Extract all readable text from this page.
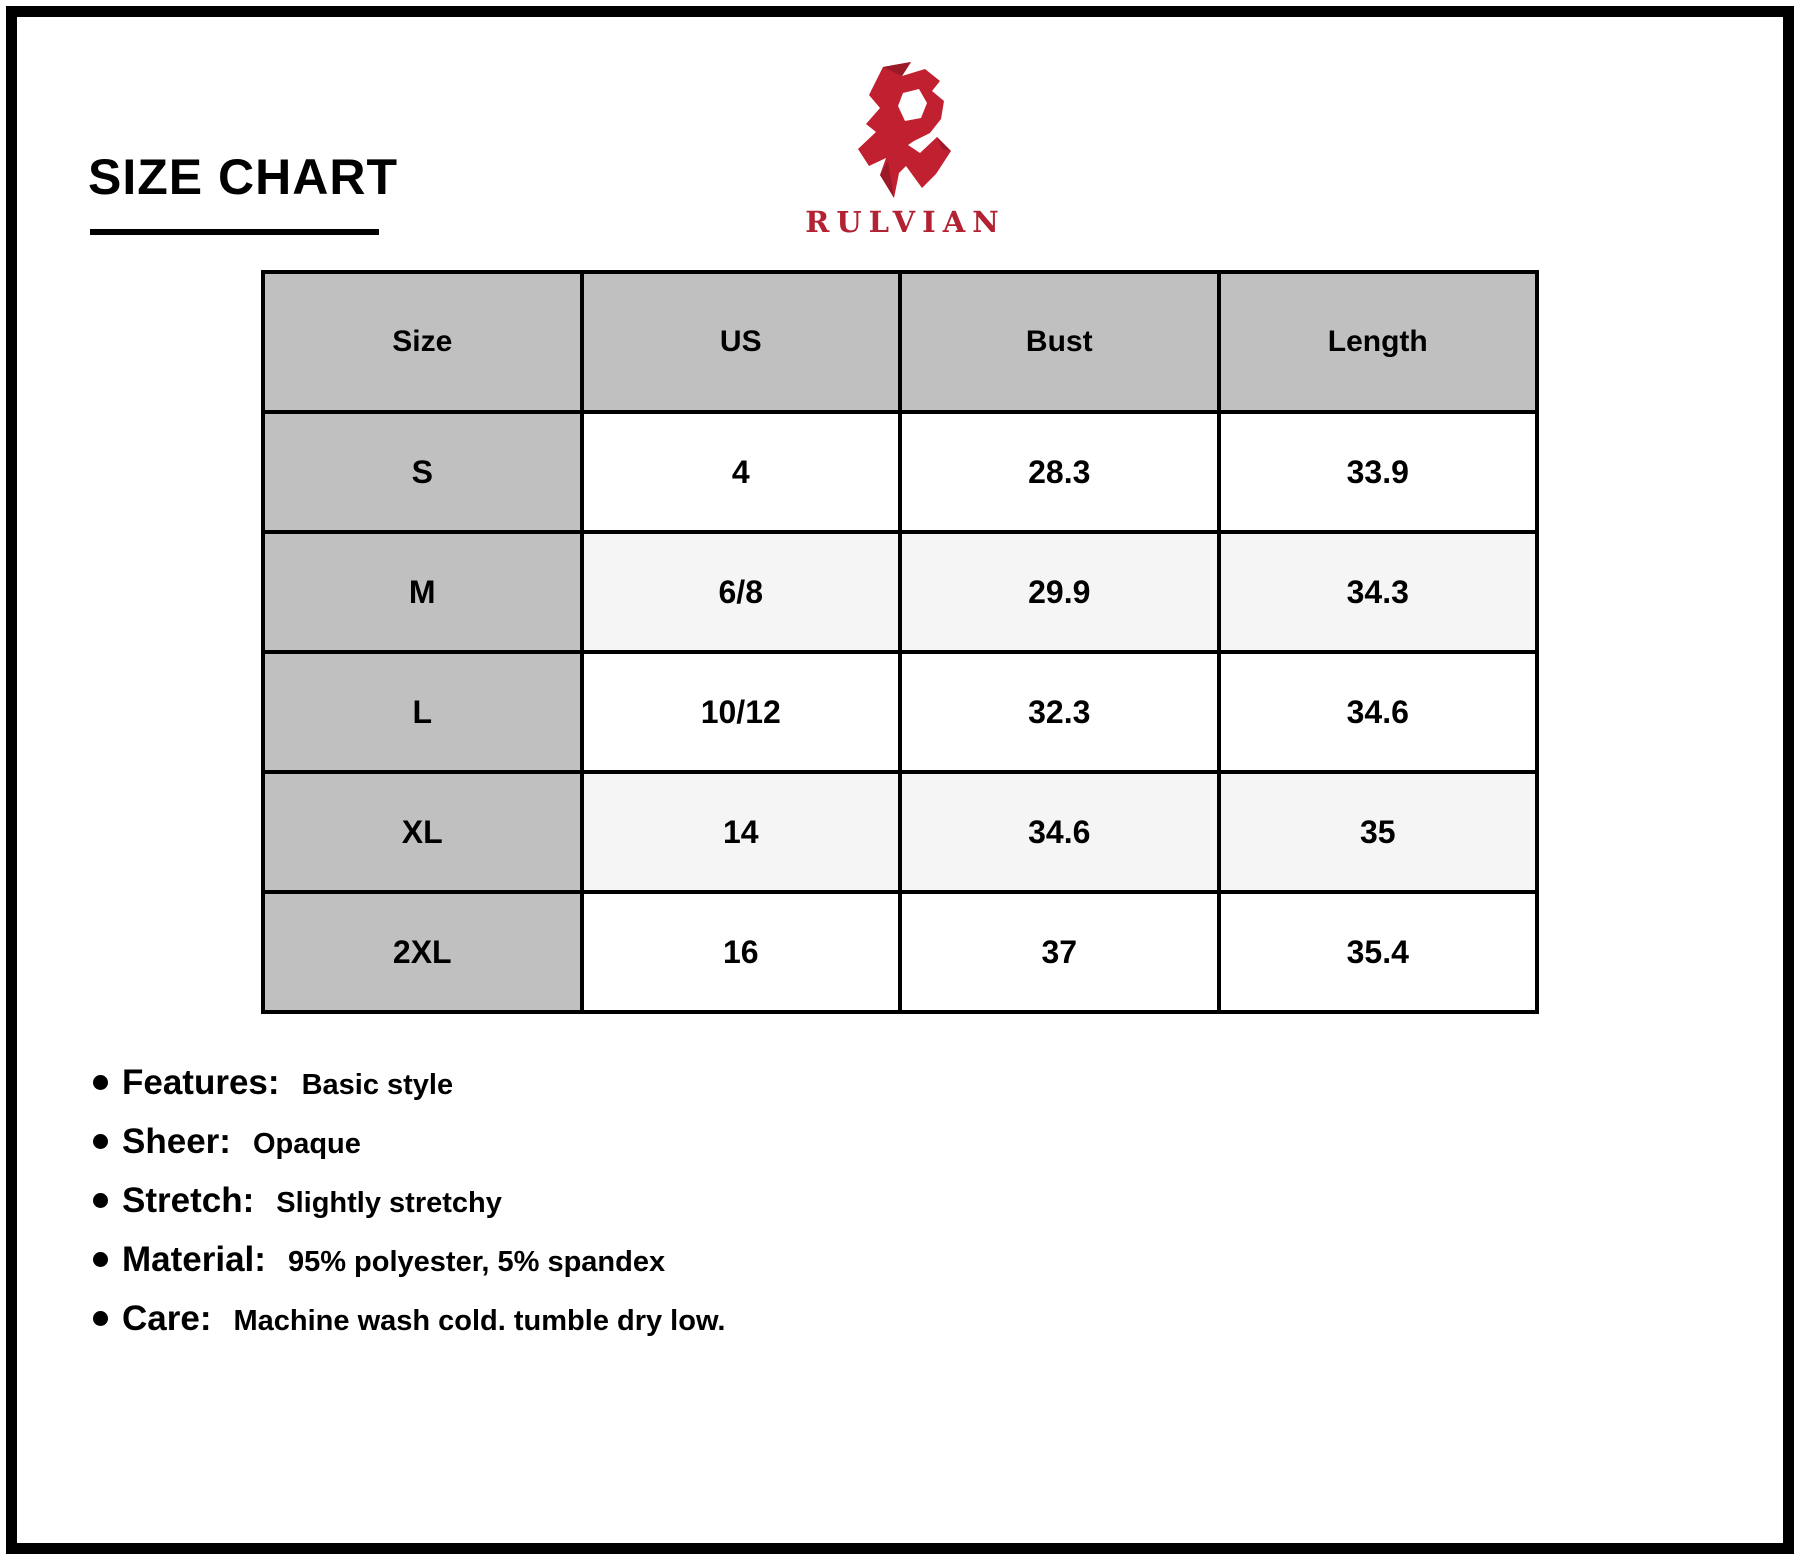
SIZE CHART
RULVIAN
Size	US	Bust	Length
S	4	28.3	33.9
M	6/8	29.9	34.3
L	10/12	32.3	34.6
XL	14	34.6	35
2XL	16	37	35.4
Features: Basic style
Sheer: Opaque
Stretch: Slightly stretchy
Material: 95% polyester, 5% spandex
Care: Machine wash cold. tumble dry low.
